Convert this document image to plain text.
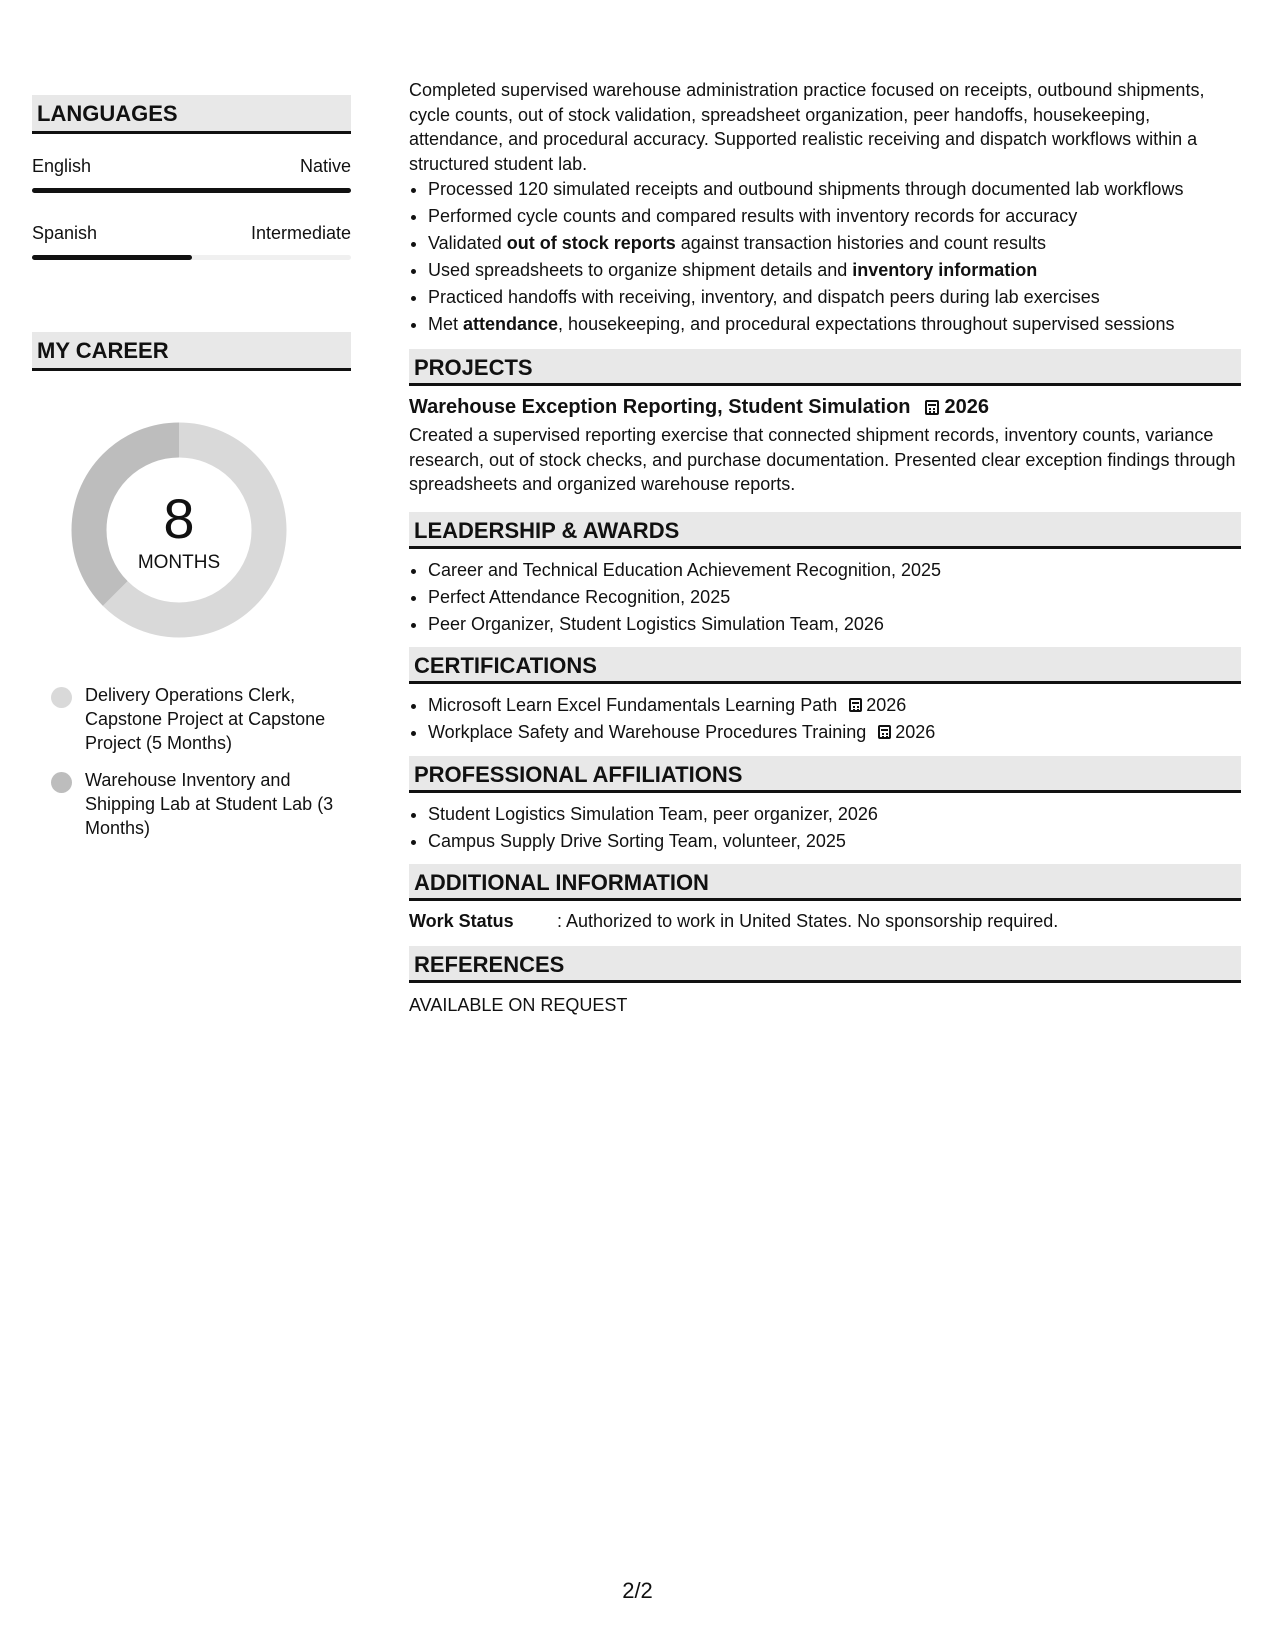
LANGUAGES
English	Native
Spanish	Intermediate
MY CAREER
8
MONTHS
Delivery Operations Clerk, Capstone Project at Capstone Project (5 Months)
Warehouse Inventory and Shipping Lab at Student Lab (3 Months)
Completed supervised warehouse administration practice focused on receipts, outbound shipments, cycle counts, out of stock validation, spreadsheet organization, peer handoffs, housekeeping, attendance, and procedural accuracy. Supported realistic receiving and dispatch workflows within a structured student lab.
• Processed 120 simulated receipts and outbound shipments through documented lab workflows
• Performed cycle counts and compared results with inventory records for accuracy
• Validated out of stock reports against transaction histories and count results
• Used spreadsheets to organize shipment details and inventory information
• Practiced handoffs with receiving, inventory, and dispatch peers during lab exercises
• Met attendance, housekeeping, and procedural expectations throughout supervised sessions
PROJECTS
Warehouse Exception Reporting, Student Simulation 2026
Created a supervised reporting exercise that connected shipment records, inventory counts, variance research, out of stock checks, and purchase documentation. Presented clear exception findings through spreadsheets and organized warehouse reports.
LEADERSHIP & AWARDS
• Career and Technical Education Achievement Recognition, 2025
• Perfect Attendance Recognition, 2025
• Peer Organizer, Student Logistics Simulation Team, 2026
CERTIFICATIONS
• Microsoft Learn Excel Fundamentals Learning Path 2026
• Workplace Safety and Warehouse Procedures Training 2026
PROFESSIONAL AFFILIATIONS
• Student Logistics Simulation Team, peer organizer, 2026
• Campus Supply Drive Sorting Team, volunteer, 2025
ADDITIONAL INFORMATION
Work Status	: Authorized to work in United States. No sponsorship required.
REFERENCES
AVAILABLE ON REQUEST
2/2
